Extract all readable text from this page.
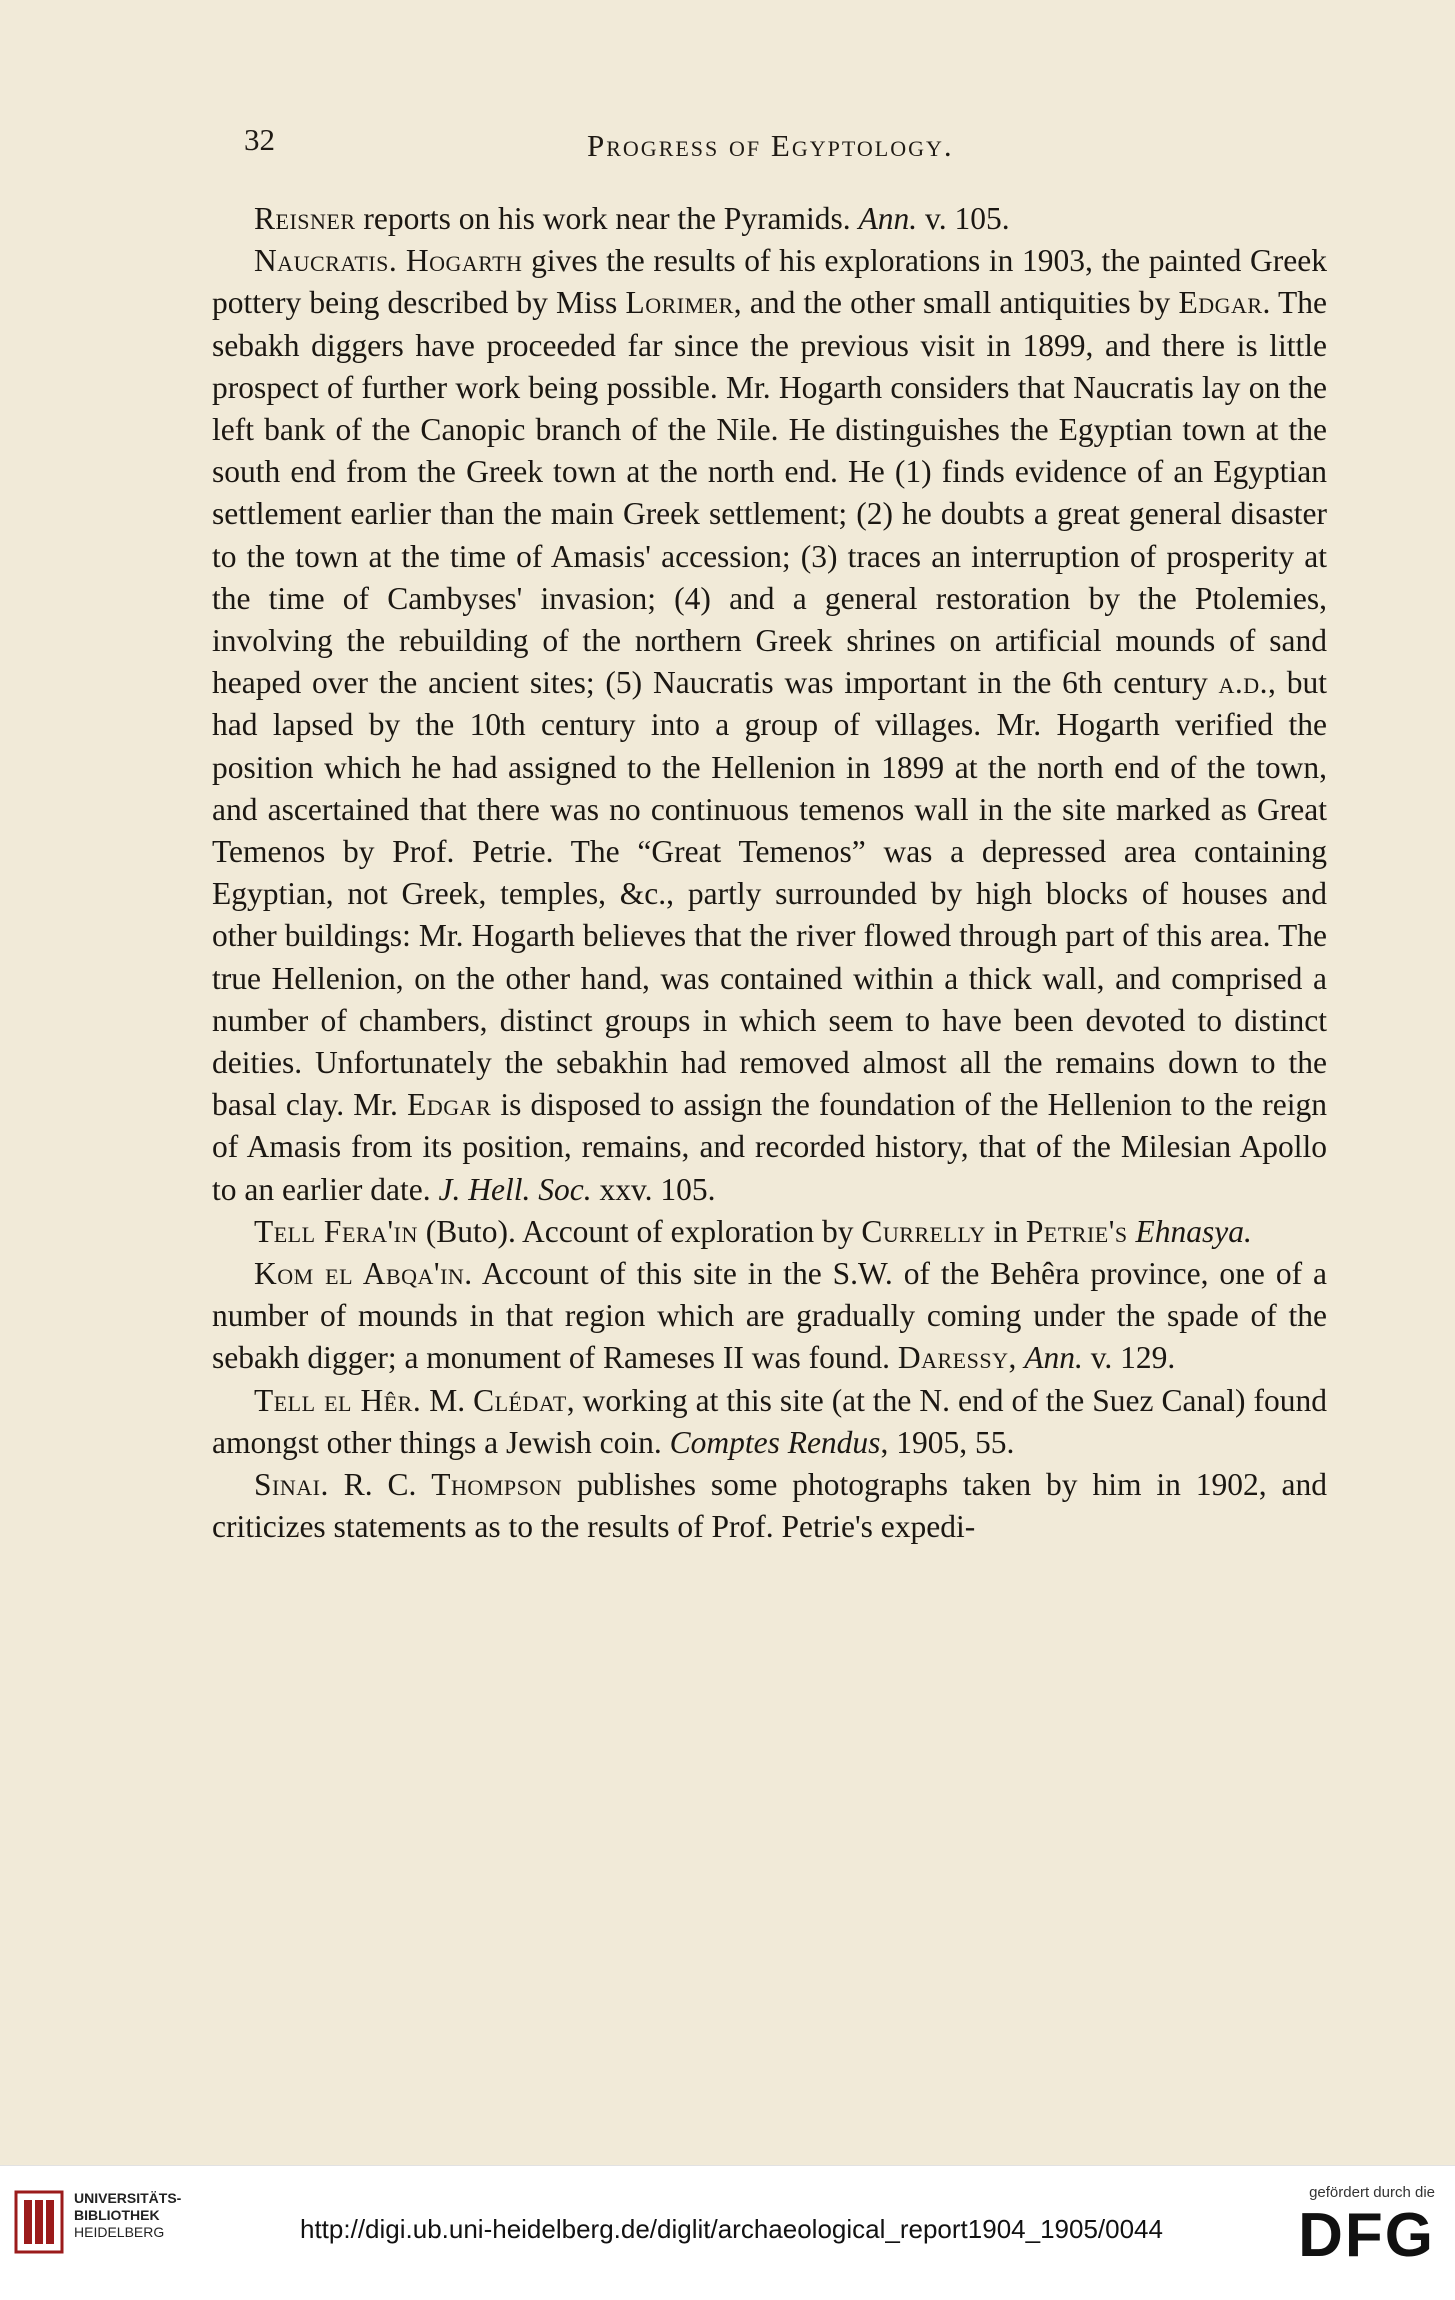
32	Progress of Egyptology.

Reisner reports on his work near the Pyramids. Ann. v. 105.

Naucratis. Hogarth gives the results of his explorations in 1903, the painted Greek pottery being described by Miss Lorimer, and the other small antiquities by Edgar. The sebakh diggers have proceeded far since the previous visit in 1899, and there is little prospect of further work being possible. Mr. Hogarth considers that Naucratis lay on the left bank of the Canopic branch of the Nile. He distinguishes the Egyptian town at the south end from the Greek town at the north end. He (1) finds evidence of an Egyptian settlement earlier than the main Greek settlement; (2) he doubts a great general disaster to the town at the time of Amasis' accession; (3) traces an interruption of prosperity at the time of Cambyses' invasion; (4) and a general restoration by the Ptolemies, involving the rebuilding of the northern Greek shrines on artificial mounds of sand heaped over the ancient sites; (5) Naucratis was important in the 6th century a.d., but had lapsed by the 10th century into a group of villages. Mr. Hogarth verified the position which he had assigned to the Hellenion in 1899 at the north end of the town, and ascertained that there was no continuous temenos wall in the site marked as Great Temenos by Prof. Petrie. The “Great Temenos” was a depressed area containing Egyptian, not Greek, temples, &c., partly surrounded by high blocks of houses and other buildings: Mr. Hogarth believes that the river flowed through part of this area. The true Hellenion, on the other hand, was contained within a thick wall, and comprised a number of chambers, distinct groups in which seem to have been devoted to distinct deities. Unfortunately the sebakhin had removed almost all the remains down to the basal clay. Mr. Edgar is disposed to assign the foundation of the Hellenion to the reign of Amasis from its position, remains, and recorded history, that of the Milesian Apollo to an earlier date. J. Hell. Soc. xxv. 105.

Tell Fera'in (Buto). Account of exploration by Currelly in Petrie's Ehnasya.

Kom el Abqa'in. Account of this site in the S.W. of the Behêra province, one of a number of mounds in that region which are gradually coming under the spade of the sebakh digger; a monument of Rameses II was found. Daressy, Ann. v. 129.

Tell el Hêr. M. Clédat, working at this site (at the N. end of the Suez Canal) found amongst other things a Jewish coin. Comptes Rendus, 1905, 55.

Sinai. R. C. Thompson publishes some photographs taken by him in 1902, and criticizes statements as to the results of Prof. Petrie's expedi-

UNIVERSITÄTS-
BIBLIOTHEK
HEIDELBERG	http://digi.ub.uni-heidelberg.de/diglit/archaeological_report1904_1905/0044
gefördert durch die
DFG
